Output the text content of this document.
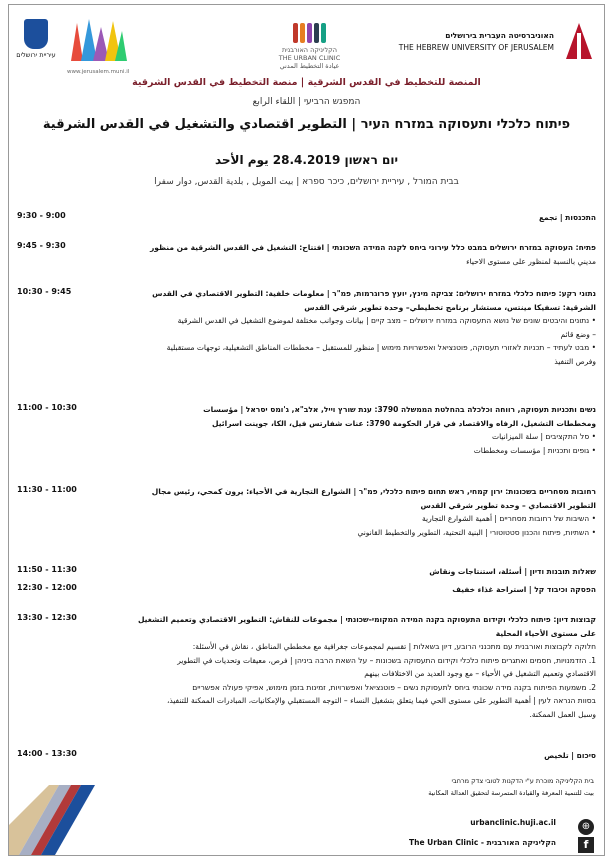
האוניברסיטה העברית בירושלים
THE HEBREW UNIVERSITY OF JERUSALEM
הקליניקה האורבנית
THE URBAN CLINIC
عيادة التخطيط المدني
www.jerusalem.muni.il
עיריית ירושלים
المنصة للتخطيط في القدس الشرقية | منصة التخطيط في القدس الشرقية
המפגש הרביעי | اللقاء الرابع
פיתוח כלכלי ותעסוקה במזרח העיר | التطوير اقتصادي والتشغيل في القدس الشرقية
יום ראשון 28.4.2019 يوم الأحد
בבית המורל , עיריית ירושלים, כיכר ספרא | بيت الموبل , بلدية القدس, دوار سفرا
9:30 - 9:00	התכנסות | تجمع

9:45 - 9:30	פתיח: העסוקה במזרח ירושלים במבט כלל עירוני ביחס לקנה המידה השכונתי | افتتاح: التشغيل في القدس الشرقية من منظور

مديني بالنسبة لمنظور على مستوى الاحياء

10:30 - 9:45	נתוני רקע: פיתוח כלכלי במזרח ירושלים: צביקה מינץ, יועץ פרוגרמות, פמ"ר | معلومات خلفية: التطوير الاقتصادي في القدس

الشرقية: تسفيكا مينتس، مستشار برنامج تخطيطي– وحدة تطوير شرقي القدس

• נתונים והיבטים שונים של נושא התעסוקה במזרח ירושלים – מצב קיים | بيانات وجوانب مختلفة لموضوع التشغيل في القدس الشرقية

– وضع قائم

• מבט לעתיד – תכניות לאזורי תעסוקה, פוטנציאל ואפשרויות מימוש | منظور للمستقبل – مخططات المناطق التشغيلية، توجهات مستقبلية

وفرص التنفيذ

11:00 - 10:30	נשים ותכניות תעסוקה, רווחה וכלכלה בהחלטת הממשלה 3790: ענת שורץ וייל, אלב"א, ג'ומס יסראל | مؤسسات

ومخططات التشغيل، الرفاه والاقتصاد في قرار الحكومة 3790: عنات شفارتس فيل، الكا، جوينت اسرائيل

• סל התקציבים | سلة الميزانيات

• גופים ותכניות | مؤسسات ومخططات

11:30 - 11:00	רחובות מסחריים בשכונות: ירון קמחי, ראש תחום פיתוח כלכלי, פמ"ר | الشوارع التجارية في الأحياء: يرون كمحي، رئيس مجال

التطوير الاقتصادي – وحدة تطوير شرقي القدس

• השיבות של רחובות מסחריים | أهمية الشوارع التجارية

• השתיות, פיתוח והכנון סטטוטורי | البنية التحتية، التطوير والتخطيط القانوني

11:50 - 11:30	שאלות תובנות ודיון | أسئلة، استنتاجات ونقاش

12:30 - 12:00	הפסקה וכיבוד קל | استراحة غذاء خفيف

13:30 - 12:30	קבוצות דיון: פיתוח כלכלי וקידום התעסוקה בקנה המידה המקומי-שכונתי | مجموعات للنقاش: التطوير الاقتصادي وتعميم التشغيل

على مستوى الأحياء المحلية

חלוקה לקבוצות ואורבנית עם מתכנני הרובע, דיון בשאלות | تقسيم لمجموعات جغرافية مع مخططي المناطق ، نقاش في الأسئلة:

1. הזדמנויות, חסמים ואתגרים פיתוח כלכלי וקידום התעסוקה בשכונות – על השאת הרבה ביניהן | فرص، معيقات وتحديات في التطوير

الاقتصادي وتعميم التشغيل في الأحياء – مع وجود العديد من الاختلافات بينهم

2. משמעות הפיתוח בקנה מידה שכונתי ביחס לתעסוקת נשים – פוטנציאל ואפשרויות, זמינות בזמן מימוש, אפיקי פעולה אפשריים

בסוות הנראה לעין | أهمية التطوير على مستوى الحي فيما يتعلق بتشغيل النساء – التوجه المستقبلي والإمكانيات، المبادرات الممكنة للتنفيذ،

وسبل العمل الممكنة.

14:00 - 13:30	סיכום | تلخيص

בית הקליניקה מוכרת ע"י הדקנות לטובי צדק מרחבי
بيت للتنمية المعرفة والقيادة المتمرسة لتحقيق العدالة المكانية
⊕
urbanclinic.huji.ac.il
f
The Urban Clinic - הקליניקה האורבנית
